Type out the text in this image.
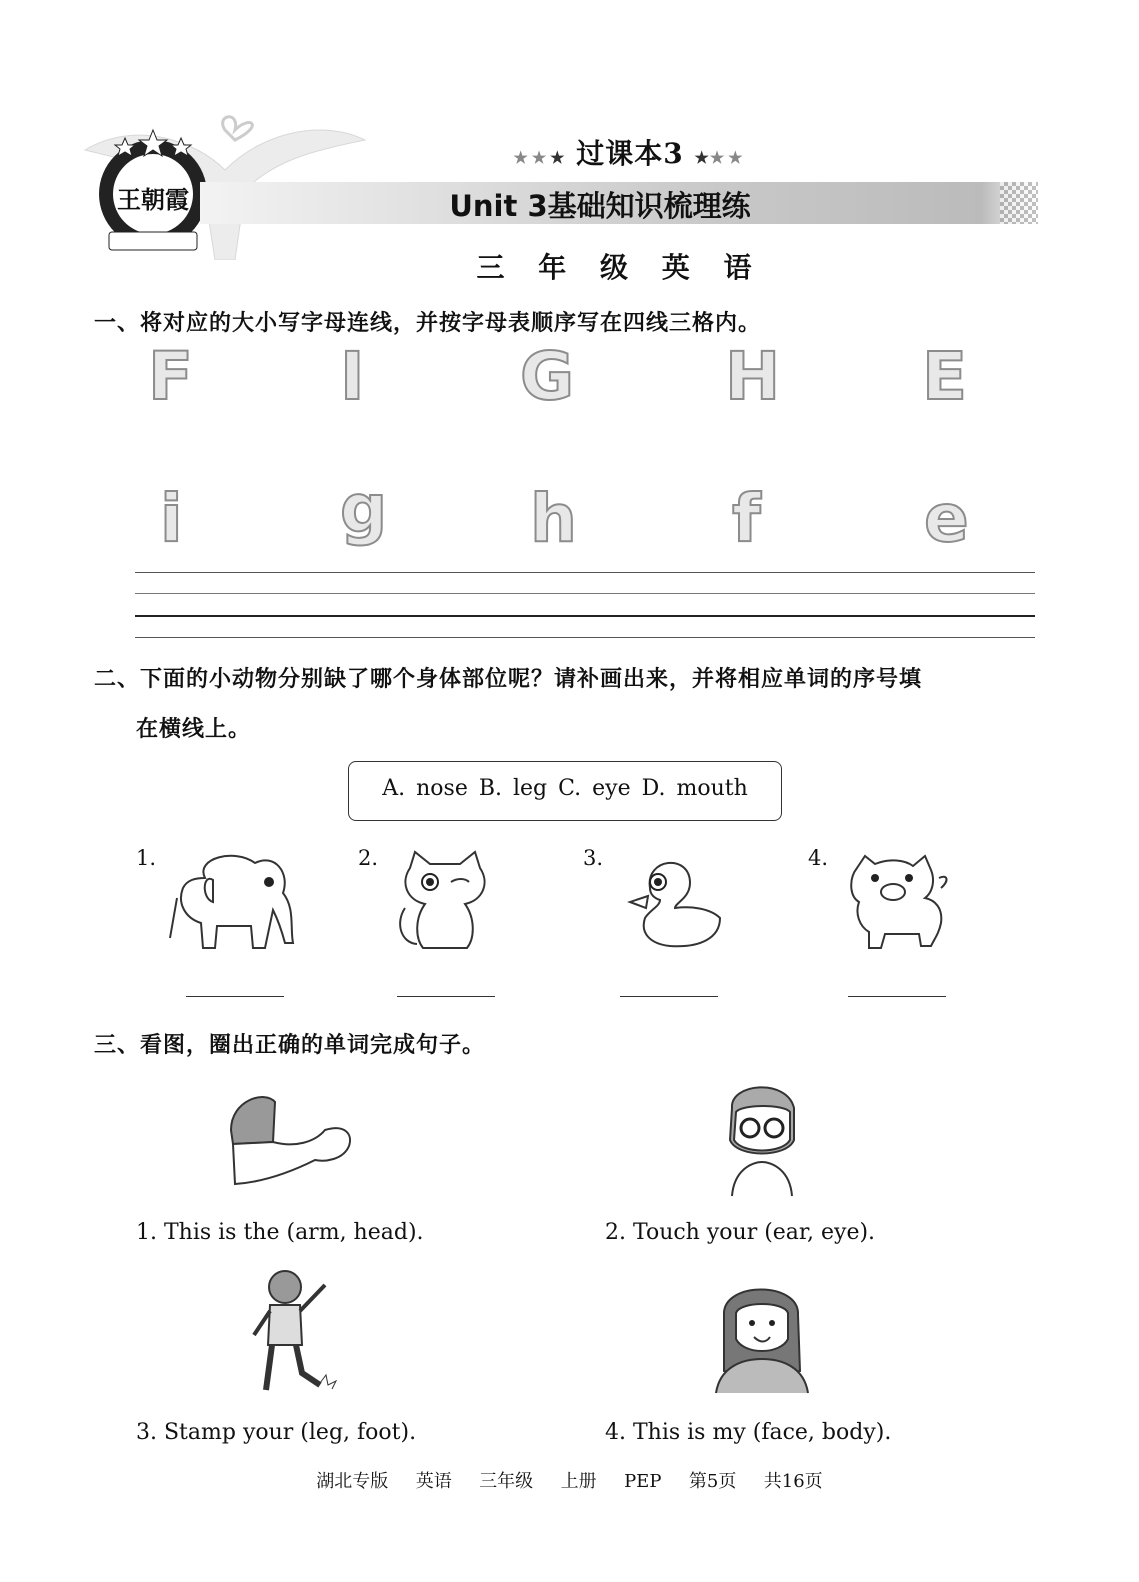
王朝霞
★★★ 过课本3 ★★★
Unit 3基础知识梳理练
三 年 级 英 语
一、将对应的大小写字母连线，并按字母表顺序写在四线三格内。
F I G H E
i g h f e
二、下面的小动物分别缺了哪个身体部位呢？请补画出来，并将相应单词的序号填
在横线上。
A. nose B. leg C. eye D. mouth
1.	2.	3.	4.
三、看图，圈出正确的单词完成句子。
1. This is the (arm, head).	2. Touch your (ear, eye).
3. Stamp your (leg, foot).	4. This is my (face, body).
湖北专版  英语  三年级  上册  PEP  第5页  共16页
